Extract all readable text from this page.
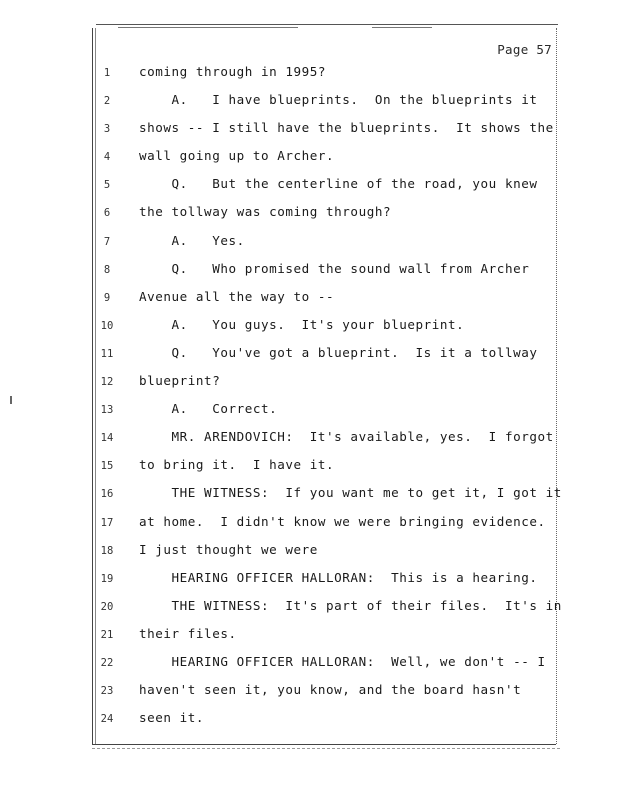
Page 57
1	coming through in 1995?
2	A.   I have blueprints.  On the blueprints it
3	shows -- I still have the blueprints.  It shows the
4	wall going up to Archer.
5	Q.   But the centerline of the road, you knew
6	the tollway was coming through?
7	A.   Yes.
8	Q.   Who promised the sound wall from Archer
9	Avenue all the way to --
10	A.   You guys.  It's your blueprint.
11	Q.   You've got a blueprint.  Is it a tollway
12	blueprint?
13	A.   Correct.
14	MR. ARENDOVICH:  It's available, yes.  I forgot
15	to bring it.  I have it.
16	THE WITNESS:  If you want me to get it, I got it
17	at home.  I didn't know we were bringing evidence.
18	I just thought we were
19	HEARING OFFICER HALLORAN:  This is a hearing.
20	THE WITNESS:  It's part of their files.  It's in
21	their files.
22	HEARING OFFICER HALLORAN:  Well, we don't -- I
23	haven't seen it, you know, and the board hasn't
24	seen it.
